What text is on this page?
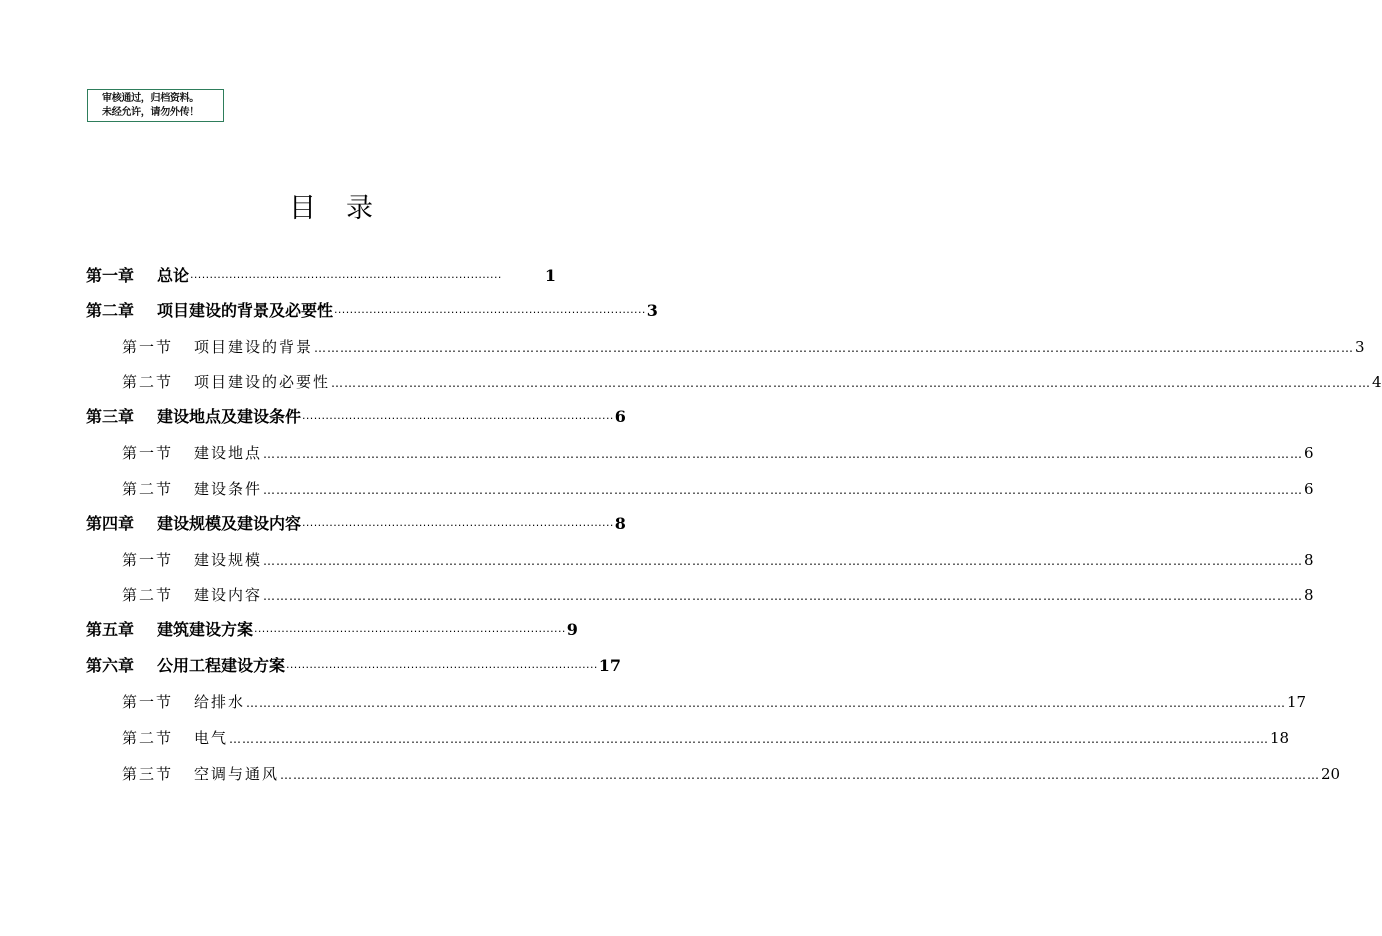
审核通过，归档资料。
未经允许，请勿外传！
目录
第一章	总论 ················································································	1
第二章	项目建设的背景及必要性 ················································································ 3
第一节	项目建设的背景 …………………………………………………………………………………………………………………………………………………………………………………………………………………… 3
第二节	项目建设的必要性 …………………………………………………………………………………………………………………………………………………………………………………………………………………… 4
第三章	建设地点及建设条件 ················································································ 6
第一节	建设地点 …………………………………………………………………………………………………………………………………………………………………………………………………………………… 6
第二节	建设条件 …………………………………………………………………………………………………………………………………………………………………………………………………………………… 6
第四章	建设规模及建设内容 ················································································ 8
第一节	建设规模 …………………………………………………………………………………………………………………………………………………………………………………………………………………… 8
第二节	建设内容 …………………………………………………………………………………………………………………………………………………………………………………………………………………… 8
第五章	建筑建设方案 ················································································ 9
第六章	公用工程建设方案 ················································································ 17
第一节	给排水 …………………………………………………………………………………………………………………………………………………………………………………………………………………… 17
第二节	电气 …………………………………………………………………………………………………………………………………………………………………………………………………………………… 18
第三节	空调与通风 …………………………………………………………………………………………………………………………………………………………………………………………………………………… 20
